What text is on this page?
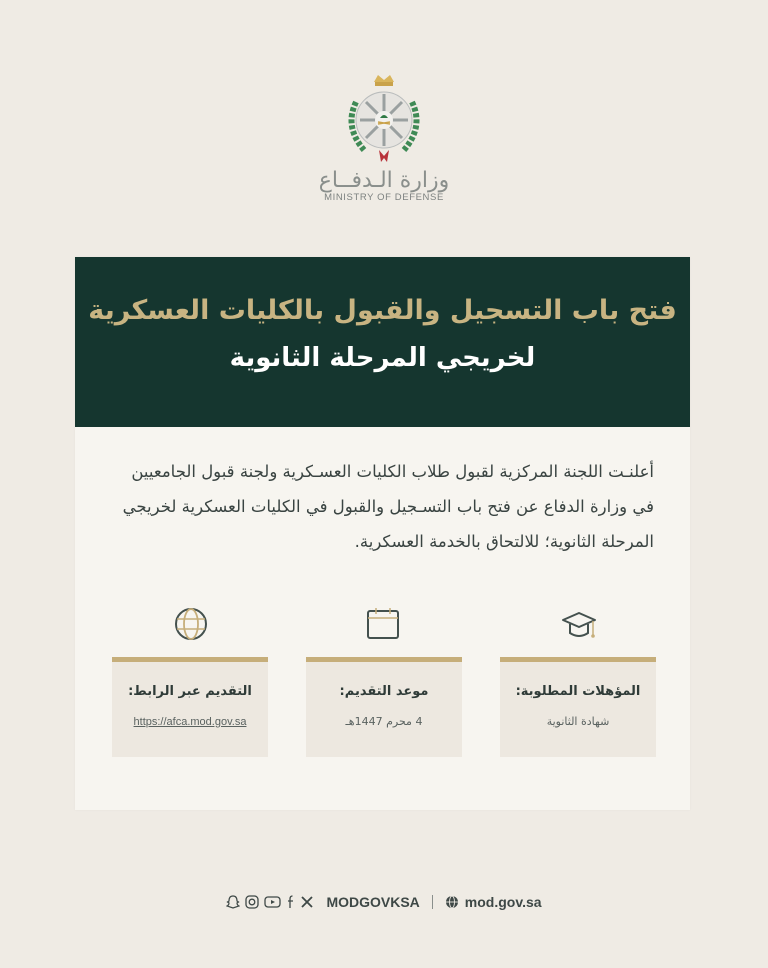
وزارة الـدفــاع
MINISTRY OF DEFENSE
فتح باب التسجيل والقبول بالكليات العسكرية
لخريجي المرحلة الثانوية
أعلنـت اللجنة المركزية لقبول طلاب الكليات العسـكرية ولجنة قبول الجامعيين في وزارة الدفاع عن فتح باب التسـجيل والقبول في الكليات العسكرية لخريجي المرحلة الثانوية؛ للالتحاق بالخدمة العسكرية.
التقديم عبر الرابط:
https://afca.mod.gov.sa
موعد التقديم:
4 محرم 1447هـ
المؤهلات المطلوبة:
شهادة الثانوية
MODGOVKSA	mod.gov.sa
